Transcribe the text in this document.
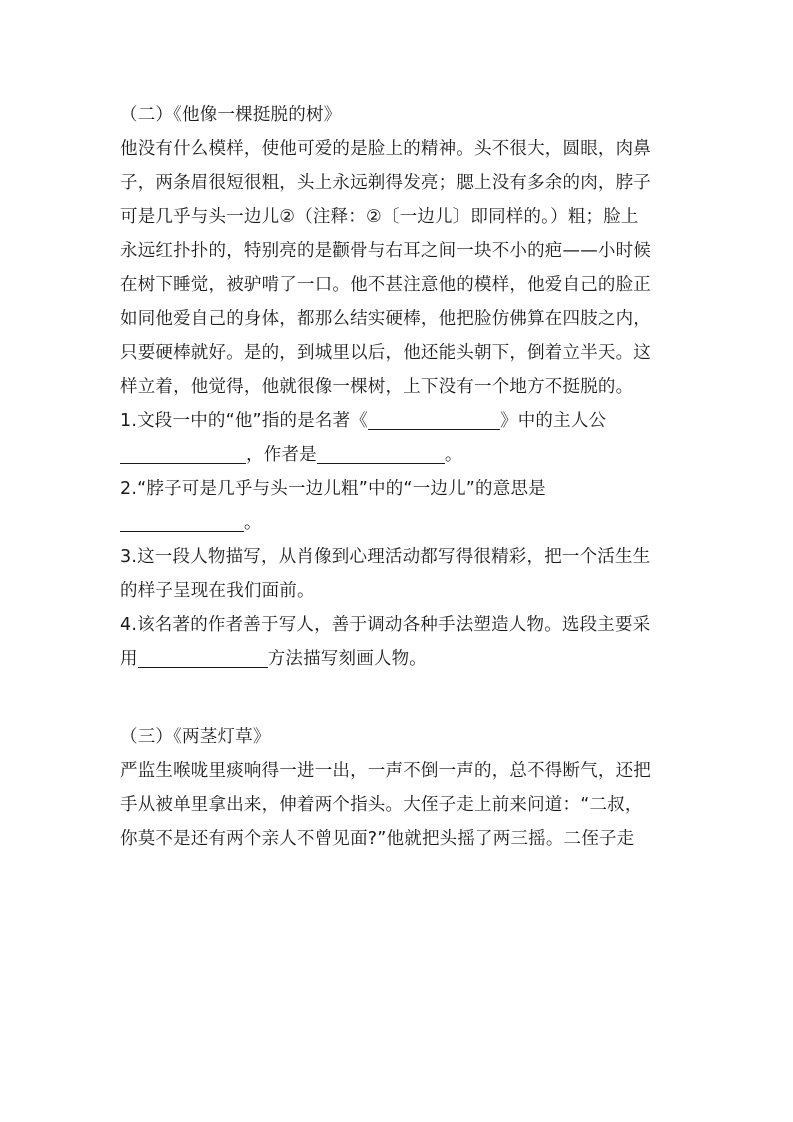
（二）《他像一棵挺脱的树》

他没有什么模样，使他可爱的是脸上的精神。头不很大，圆眼，肉鼻

子，两条眉很短很粗，头上永远剃得发亮；腮上没有多余的肉，脖子

可是几乎与头一边儿②（注释：②〔一边儿〕即同样的。）粗；脸上

永远红扑扑的，特别亮的是颧骨与右耳之间一块不小的疤——小时候

在树下睡觉，被驴啃了一口。他不甚注意他的模样，他爱自己的脸正

如同他爱自己的身体，都那么结实硬棒，他把脸仿佛算在四肢之内，

只要硬棒就好。是的，到城里以后，他还能头朝下，倒着立半天。这

样立着，他觉得，他就很像一棵树，上下没有一个地方不挺脱的。

1.文段一中的“他”指的是名著《	》中的主人公

，作者是	。

2.“脖子可是几乎与头一边儿粗”中的“一边儿”的意思是

。

3.这一段人物描写，从肖像到心理活动都写得很精彩，把一个活生生

的样子呈现在我们面前。

4.该名著的作者善于写人，善于调动各种手法塑造人物。选段主要采

用	方法描写刻画人物。

（三）《两茎灯草》

严监生喉咙里痰响得一进一出，一声不倒一声的，总不得断气，还把

手从被单里拿出来，伸着两个指头。大侄子走上前来问道：“二叔，

你莫不是还有两个亲人不曾见面?”他就把头摇了两三摇。二侄子走
